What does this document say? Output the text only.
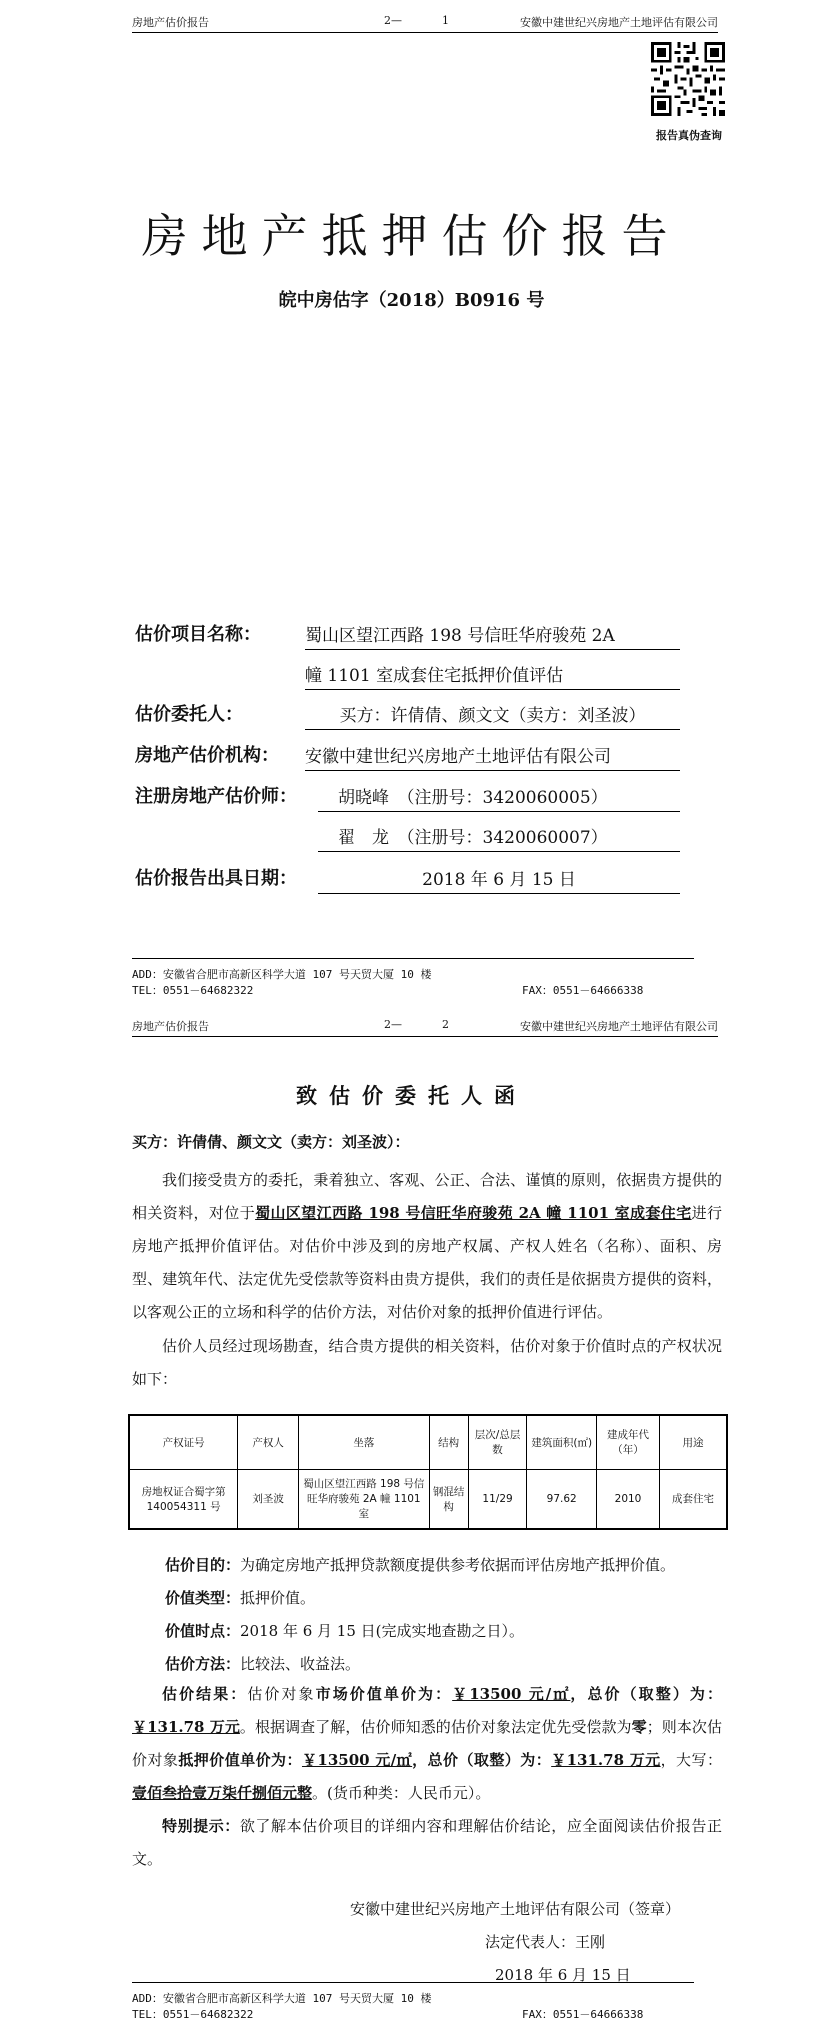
房地产估价报告	2—	1	安徽中建世纪兴房地产土地评估有限公司
报告真伪查询
房地产抵押估价报告
皖中房估字（2018）B0916 号
估价项目名称：	蜀山区望江西路 198 号信旺华府骏苑 2A
幢 1101 室成套住宅抵押价值评估
估价委托人：	买方：许倩倩、颜文文（卖方：刘圣波）
房地产估价机构： 安徽中建世纪兴房地产土地评估有限公司
注册房地产估价师：	胡晓峰　（注册号：3420060005）
翟　龙　（注册号：3420060007）
估价报告出具日期：	2018 年 6 月 15 日
ADD：安徽省合肥市高新区科学大道 107 号天贸大厦 10 楼
TEL：0551－64682322	FAX：0551－64666338
房地产估价报告	2—	2	安徽中建世纪兴房地产土地评估有限公司
致估价委托人函
买方：许倩倩、颜文文（卖方：刘圣波）：
我们接受贵方的委托，秉着独立、客观、公正、合法、谨慎的原则，依据贵方提供的相关资料，对位于蜀山区望江西路 198 号信旺华府骏苑 2A 幢 1101 室成套住宅进行房地产抵押价值评估。对估价中涉及到的房地产权属、产权人姓名（名称）、面积、房型、建筑年代、法定优先受偿款等资料由贵方提供，我们的责任是依据贵方提供的资料，以客观公正的立场和科学的估价方法，对估价对象的抵押价值进行评估。
估价人员经过现场勘查，结合贵方提供的相关资料，估价对象于价值时点的产权状况如下：
产权证号	产权人	坐落	结构	层次/总层数	建筑面积(㎡)	建成年代（年）	用途
房地权证合蜀字第 140054311 号	刘圣波	蜀山区望江西路 198 号信旺华府骏苑 2A 幢 1101 室	钢混结构	11/29	97.62	2010	成套住宅
估价目的：为确定房地产抵押贷款额度提供参考依据而评估房地产抵押价值。
价值类型：抵押价值。
价值时点：2018 年 6 月 15 日(完成实地查勘之日）。
估价方法：比较法、收益法。
估价结果：估价对象市场价值单价为：￥13500 元/㎡，总价（取整）为：￥131.78 万元。根据调查了解，估价师知悉的估价对象法定优先受偿款为零；则本次估价对象抵押价值单价为：￥13500 元/㎡，总价（取整）为：￥131.78 万元，大写：壹佰叁拾壹万柒仟捌佰元整。(货币种类：人民币元）。
特别提示：欲了解本估价项目的详细内容和理解估价结论，应全面阅读估价报告正文。
安徽中建世纪兴房地产土地评估有限公司（签章）
法定代表人：王刚
2018 年 6 月 15 日
ADD：安徽省合肥市高新区科学大道 107 号天贸大厦 10 楼
TEL：0551－64682322	FAX：0551－64666338
